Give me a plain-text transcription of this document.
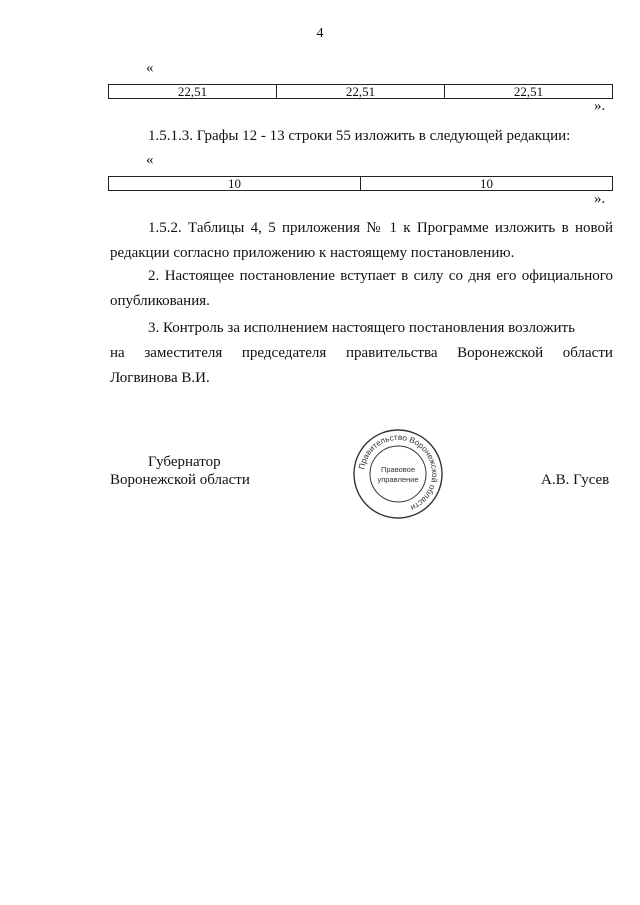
4
«
22,51	22,51	22,51
».
1.5.1.3. Графы 12 - 13 строки 55 изложить в следующей редакции:
«
10	10
».
1.5.2. Таблицы 4, 5 приложения № 1 к Программе изложить в новой редакции согласно приложению к настоящему постановлению.
2. Настоящее постановление вступает в силу со дня его официального опубликования.
3. Контроль за исполнением настоящего постановления возложить
на заместителя председателя правительства Воронежской области
Логвинова В.И.
Губернатор
Воронежской области	А.В. Гусев
Правительство Воронежской области
Правовое
управление
